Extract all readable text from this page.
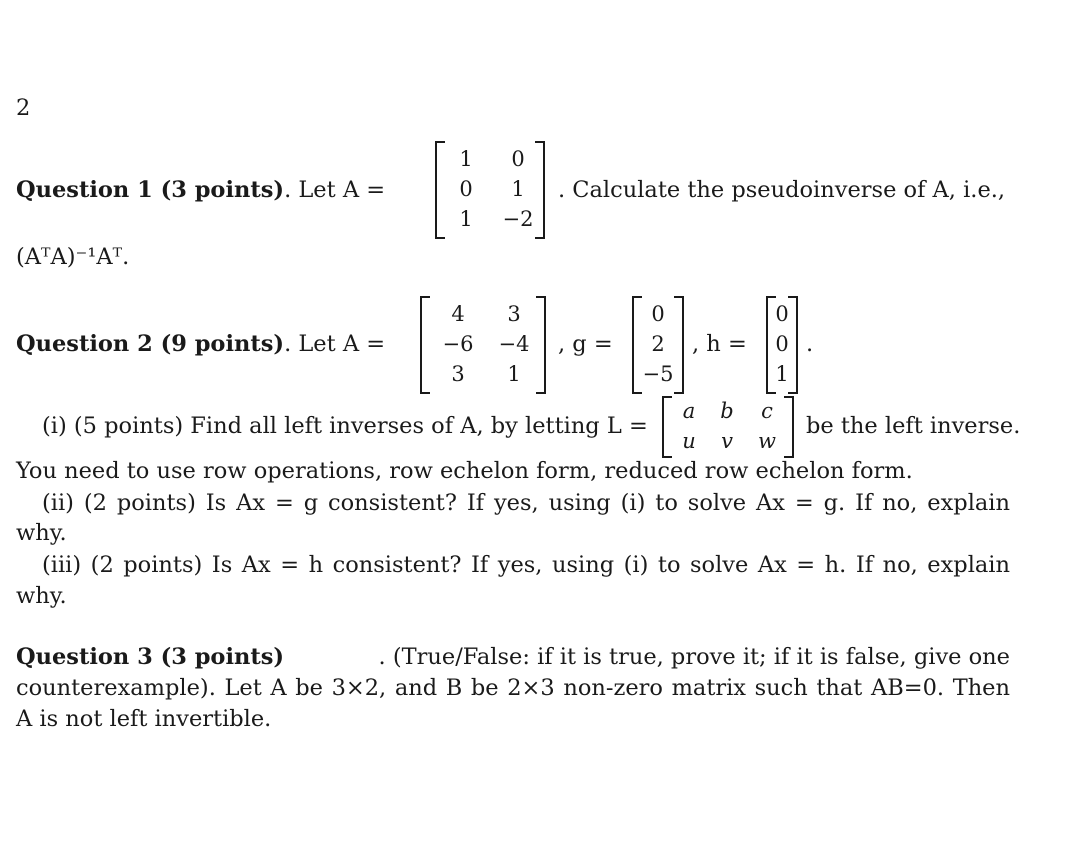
2
Question 1 (3 points). Let A =
1	0
0	1
1	−2
. Calculate the pseudoinverse of A, i.e.,
(AᵀA)⁻¹Aᵀ.
Question 2 (9 points). Let A =
4	3
−6 −4
3	1
, g =
0
2
−5
, h =
0
0
1
.
(i) (5 points) Find all left inverses of A, by letting L =
a	b	c
u	v	w
be the left inverse.
You need to use row operations, row echelon form, reduced row echelon form.
(ii) (2 points) Is Ax = g consistent? If yes, using (i) to solve Ax = g. If no, explain
why.
(iii) (2 points) Is Ax = h consistent? If yes, using (i) to solve Ax = h. If no, explain
why.
Question 3 (3 points)	. (True/False: if it is true, prove it; if it is false, give one
counterexample). Let A be 3×2, and B be 2×3 non-zero matrix such that AB=0. Then
A is not left invertible.
